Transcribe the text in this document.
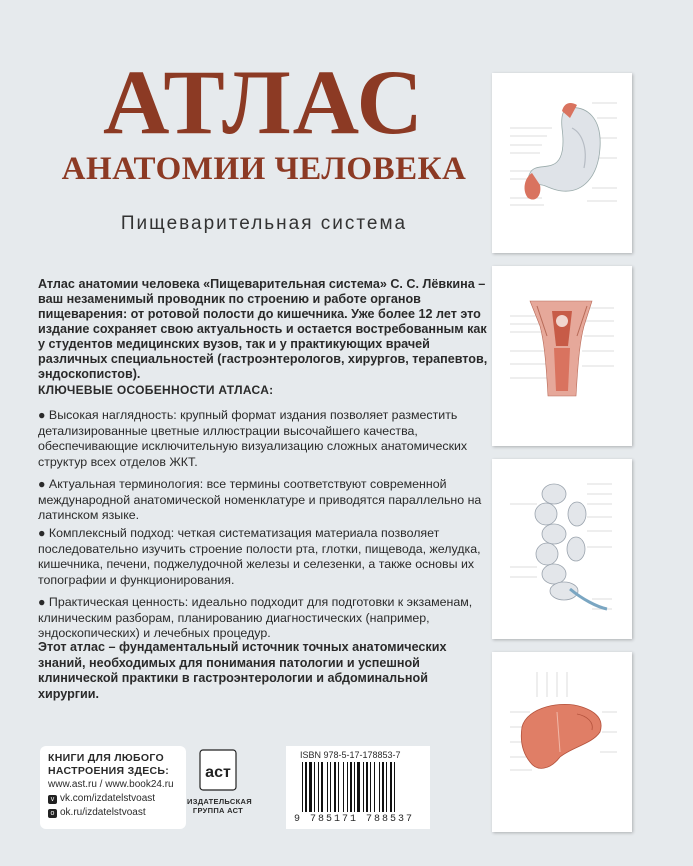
АТЛАС
АНАТОМИИ ЧЕЛОВЕКА
Пищеварительная система
Атлас анатомии человека «Пищеварительная система» С. С. Лёвкина – ваш незаменимый проводник по строению и работе органов пищеварения: от ротовой полости до кишечника. Уже более 12 лет это издание сохраняет свою актуальность и остается востребованным как у студентов медицинских вузов, так и у практикующих врачей различных специальностей (гастроэнтерологов, хирургов, терапевтов, эндоскопистов).
КЛЮЧЕВЫЕ ОСОБЕННОСТИ АТЛАСА:
● Высокая наглядность: крупный формат издания позволяет разместить детализированные цветные иллюстрации высочайшего качества, обеспечивающие исключительную визуализацию сложных анатомических структур всех отделов ЖКТ.
● Актуальная терминология: все термины соответствуют современной международной анатомической номенклатуре и приводятся параллельно на латинском языке.
● Комплексный подход: четкая систематизация материала позволяет последовательно изучить строение полости рта, глотки, пищевода, желудка, кишечника, печени, поджелудочной железы и селезенки, а также основы их топографии и функционирования.
● Практическая ценность: идеально подходит для подготовки к экзаменам, клиническим разборам, планированию диагностических (например, эндоскопических) и лечебных процедур.
Этот атлас – фундаментальный источник точных анатомических знаний, необходимых для понимания патологии и успешной клинической практики в гастроэнтерологии и абдоминальной хирургии.
КНИГИ ДЛЯ ЛЮБОГО НАСТРОЕНИЯ ЗДЕСЬ:
www.ast.ru / www.book24.ru
v vk.com/izdatelstvoast
o ok.ru/izdatelstvoast
аст
ИЗДАТЕЛЬСКАЯ
ГРУППА АСТ
ISBN 978-5-17-178853-7
9 785171 788537
